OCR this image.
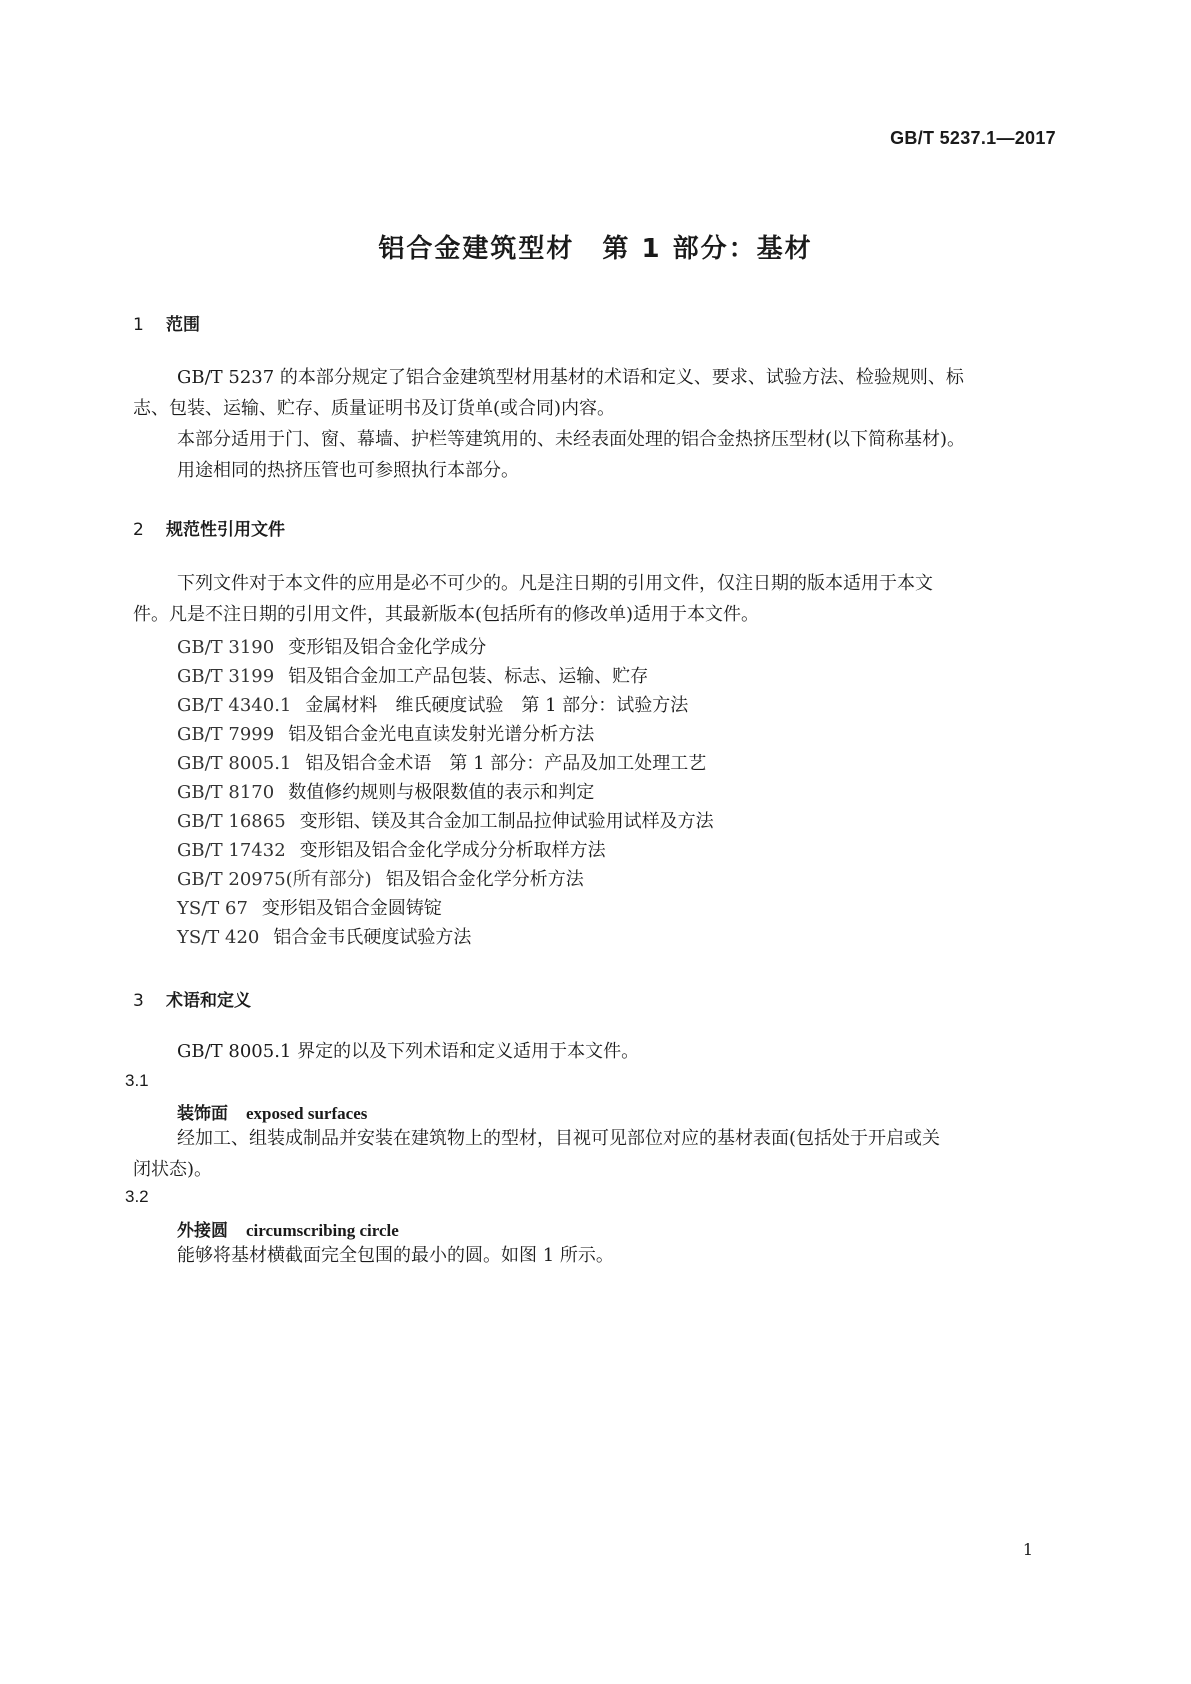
GB/T 5237.1—2017
铝合金建筑型材　第 1 部分：基材
1 范围
GB/T 5237 的本部分规定了铝合金建筑型材用基材的术语和定义、要求、试验方法、检验规则、标
志、包装、运输、贮存、质量证明书及订货单(或合同)内容。
本部分适用于门、窗、幕墙、护栏等建筑用的、未经表面处理的铝合金热挤压型材(以下简称基材)。
用途相同的热挤压管也可参照执行本部分。
2 规范性引用文件
下列文件对于本文件的应用是必不可少的。凡是注日期的引用文件，仅注日期的版本适用于本文
件。凡是不注日期的引用文件，其最新版本(包括所有的修改单)适用于本文件。
GB/T 3190 变形铝及铝合金化学成分
GB/T 3199 铝及铝合金加工产品包装、标志、运输、贮存
GB/T 4340.1 金属材料　维氏硬度试验　第 1 部分：试验方法
GB/T 7999 铝及铝合金光电直读发射光谱分析方法
GB/T 8005.1 铝及铝合金术语　第 1 部分：产品及加工处理工艺
GB/T 8170 数值修约规则与极限数值的表示和判定
GB/T 16865 变形铝、镁及其合金加工制品拉伸试验用试样及方法
GB/T 17432 变形铝及铝合金化学成分分析取样方法
GB/T 20975(所有部分) 铝及铝合金化学分析方法
YS/T 67 变形铝及铝合金圆铸锭
YS/T 420 铝合金韦氏硬度试验方法
3 术语和定义
GB/T 8005.1 界定的以及下列术语和定义适用于本文件。
3.1
装饰面 exposed surfaces
经加工、组装成制品并安装在建筑物上的型材，目视可见部位对应的基材表面(包括处于开启或关
闭状态)。
3.2
外接圆 circumscribing circle
能够将基材横截面完全包围的最小的圆。如图 1 所示。
1
